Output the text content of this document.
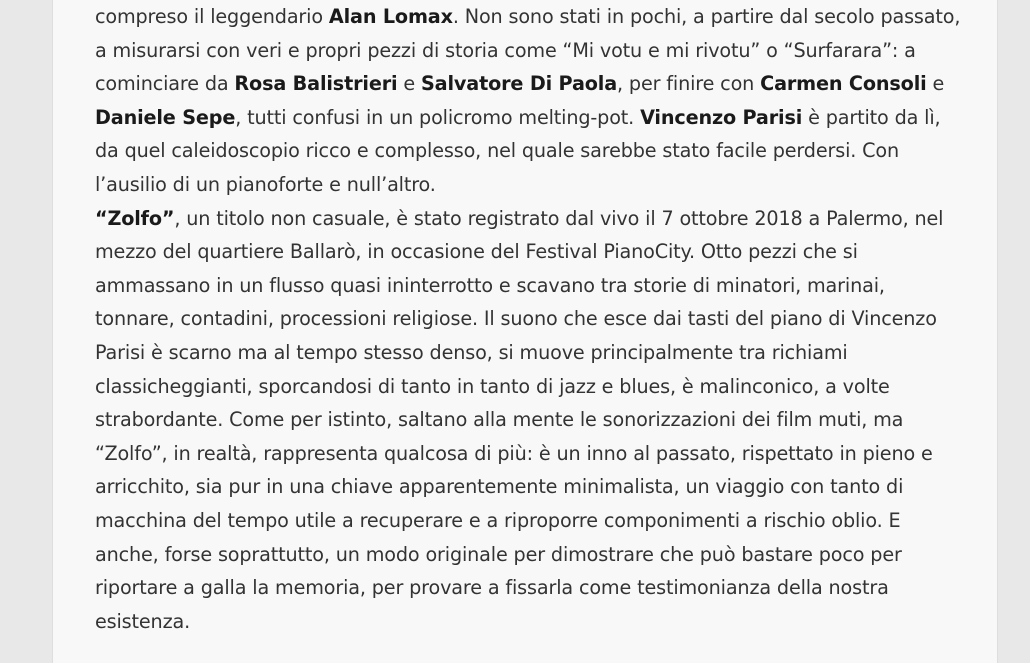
compreso il leggendario Alan Lomax. Non sono stati in pochi, a partire dal secolo passato, a misurarsi con veri e propri pezzi di storia come “Mi votu e mi rivotu” o “Surfarara”: a cominciare da Rosa Balistrieri e Salvatore Di Paola, per finire con Carmen Consoli e Daniele Sepe, tutti confusi in un policromo melting-pot. Vincenzo Parisi è partito da lì, da quel caleidoscopio ricco e complesso, nel quale sarebbe stato facile perdersi. Con l’ausilio di un pianoforte e null’altro.

“Zolfo”, un titolo non casuale, è stato registrato dal vivo il 7 ottobre 2018 a Palermo, nel mezzo del quartiere Ballarò, in occasione del Festival PianoCity. Otto pezzi che si ammassano in un flusso quasi ininterrotto e scavano tra storie di minatori, marinai, tonnare, contadini, processioni religiose. Il suono che esce dai tasti del piano di Vincenzo Parisi è scarno ma al tempo stesso denso, si muove principalmente tra richiami classicheggianti, sporcandosi di tanto in tanto di jazz e blues, è malinconico, a volte strabordante. Come per istinto, saltano alla mente le sonorizzazioni dei film muti, ma “Zolfo”, in realtà, rappresenta qualcosa di più: è un inno al passato, rispettato in pieno e arricchito, sia pur in una chiave apparentemente minimalista, un viaggio con tanto di macchina del tempo utile a recuperare e a riproporre componimenti a rischio oblio. E anche, forse soprattutto, un modo originale per dimostrare che può bastare poco per riportare a galla la memoria, per provare a fissarla come testimonianza della nostra esistenza.
